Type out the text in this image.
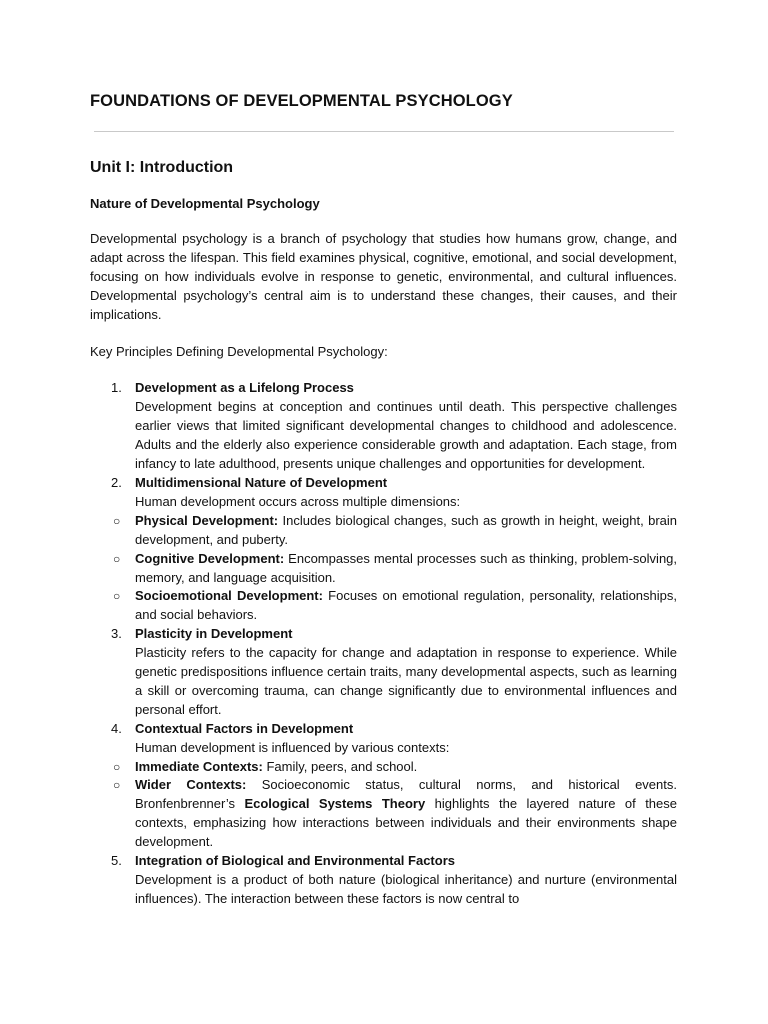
FOUNDATIONS OF DEVELOPMENTAL PSYCHOLOGY
Unit I: Introduction
Nature of Developmental Psychology

Developmental psychology is a branch of psychology that studies how humans grow, change, and adapt across the lifespan. This field examines physical, cognitive, emotional, and social development, focusing on how individuals evolve in response to genetic, environmental, and cultural influences. Developmental psychology’s central aim is to understand these changes, their causes, and their implications.

Key Principles Defining Developmental Psychology:

1. Development as a Lifelong Process
Development begins at conception and continues until death. This perspective challenges earlier views that limited significant developmental changes to childhood and adolescence. Adults and the elderly also experience considerable growth and adaptation. Each stage, from infancy to late adulthood, presents unique challenges and opportunities for development.
2. Multidimensional Nature of Development
Human development occurs across multiple dimensions:
○ Physical Development: Includes biological changes, such as growth in height, weight, brain development, and puberty.
○ Cognitive Development: Encompasses mental processes such as thinking, problem-solving, memory, and language acquisition.
○ Socioemotional Development: Focuses on emotional regulation, personality, relationships, and social behaviors.
3. Plasticity in Development
Plasticity refers to the capacity for change and adaptation in response to experience. While genetic predispositions influence certain traits, many developmental aspects, such as learning a skill or overcoming trauma, can change significantly due to environmental influences and personal effort.
4. Contextual Factors in Development
Human development is influenced by various contexts:
○ Immediate Contexts: Family, peers, and school.
○ Wider Contexts: Socioeconomic status, cultural norms, and historical events. Bronfenbrenner’s Ecological Systems Theory highlights the layered nature of these contexts, emphasizing how interactions between individuals and their environments shape development.
5. Integration of Biological and Environmental Factors
Development is a product of both nature (biological inheritance) and nurture (environmental influences). The interaction between these factors is now central to
